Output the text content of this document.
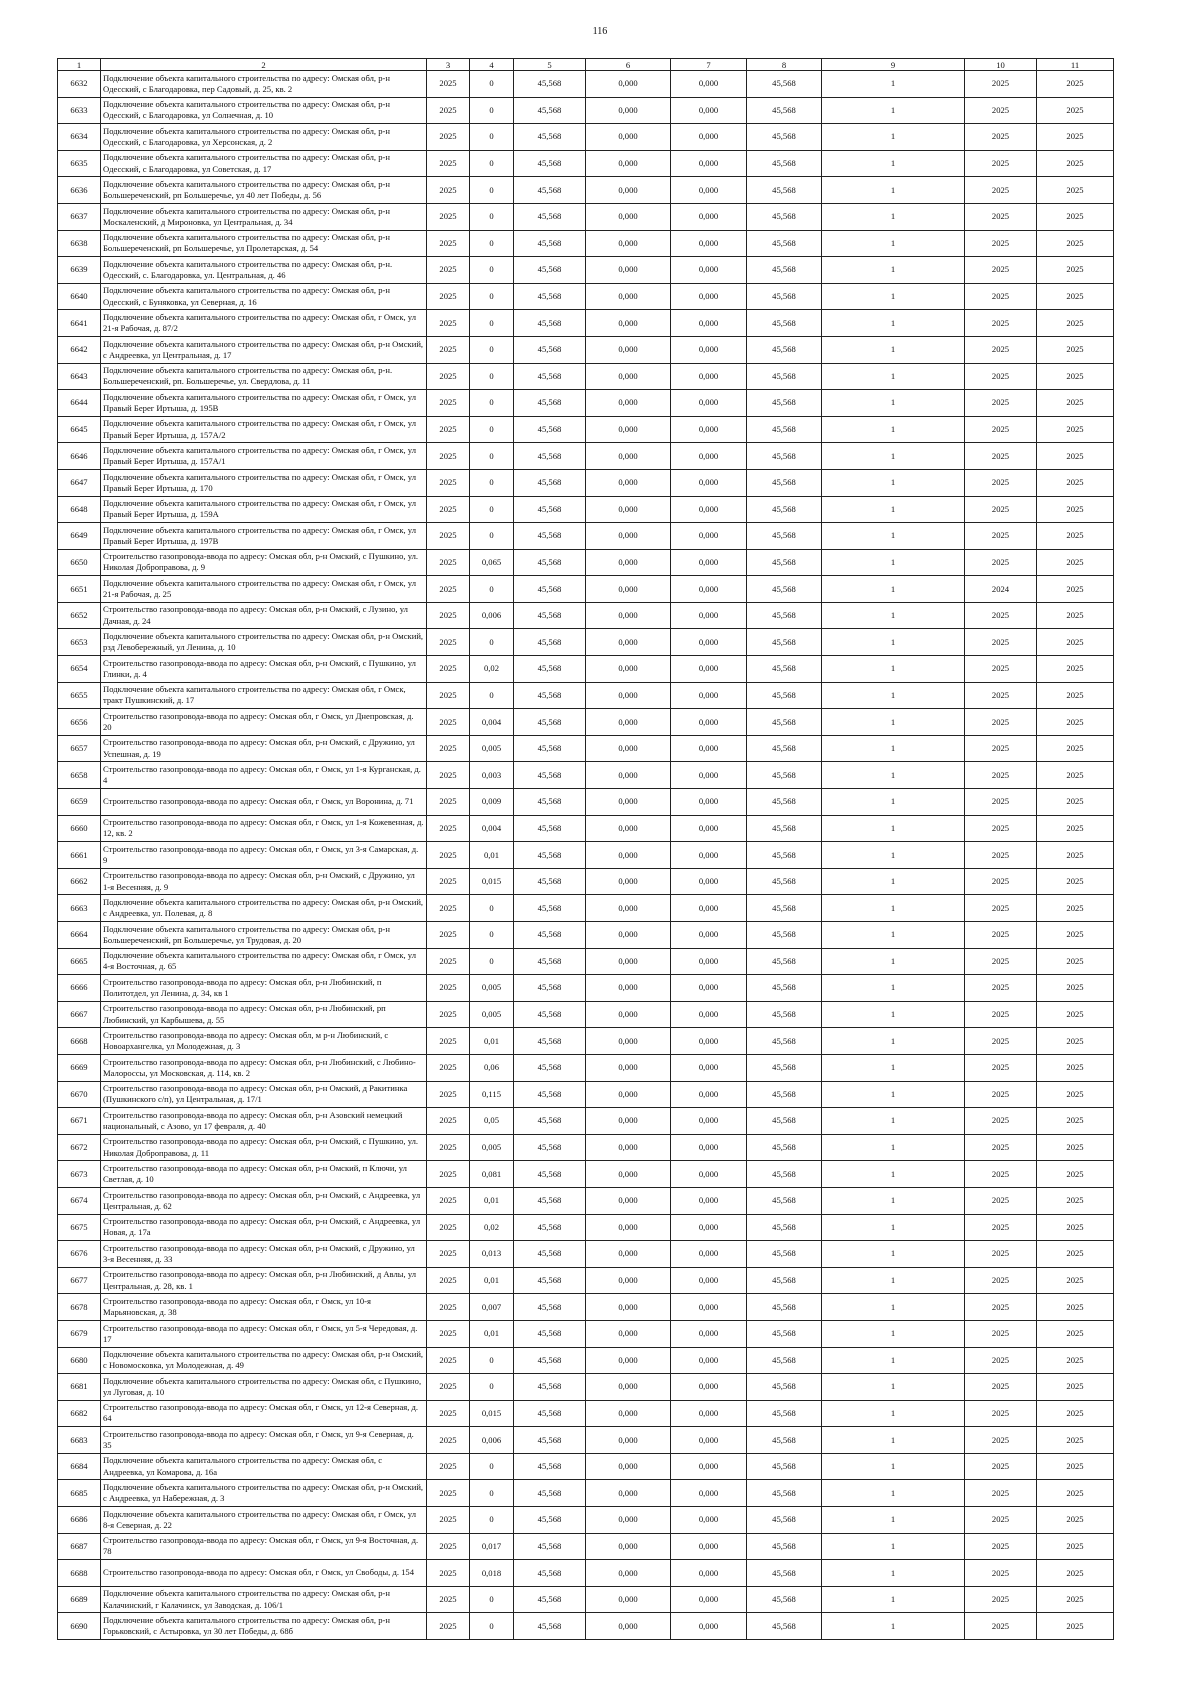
116
1	2	3	4	5	6	7	8	9	10	11
6632	Подключение объекта капитального строительства по адресу: Омская обл, р-н Одесский, с Благодаровка, пер Садовый, д. 25, кв. 2	2025	0	45,568	0,000	0,000	45,568	1	2025	2025
6633	Подключение объекта капитального строительства по адресу: Омская обл, р-н Одесский, с Благодаровка, ул Солнечная, д. 10	2025	0	45,568	0,000	0,000	45,568	1	2025	2025
6634	Подключение объекта капитального строительства по адресу: Омская обл, р-н Одесский, с Благодаровка, ул Херсонская, д. 2	2025	0	45,568	0,000	0,000	45,568	1	2025	2025
6635	Подключение объекта капитального строительства по адресу: Омская обл, р-н Одесский, с Благодаровка, ул Советская, д. 17	2025	0	45,568	0,000	0,000	45,568	1	2025	2025
6636	Подключение объекта капитального строительства по адресу: Омская обл, р-н Большереченский, рп Большеречье, ул 40 лет Победы, д. 56	2025	0	45,568	0,000	0,000	45,568	1	2025	2025
6637	Подключение объекта капитального строительства по адресу: Омская обл, р-н Москаленский, д Мироновка, ул Центральная, д. 34	2025	0	45,568	0,000	0,000	45,568	1	2025	2025
6638	Подключение объекта капитального строительства по адресу: Омская обл, р-н Большереченский, рп Большеречье, ул Пролетарская, д. 54	2025	0	45,568	0,000	0,000	45,568	1	2025	2025
6639	Подключение объекта капитального строительства по адресу: Омская обл, р-н. Одесский, с. Благодаровка, ул. Центральная, д. 46	2025	0	45,568	0,000	0,000	45,568	1	2025	2025
6640	Подключение объекта капитального строительства по адресу: Омская обл, р-н Одесский, с Буняковка, ул Северная, д. 16	2025	0	45,568	0,000	0,000	45,568	1	2025	2025
6641	Подключение объекта капитального строительства по адресу: Омская обл, г Омск, ул 21-я Рабочая, д. 87/2	2025	0	45,568	0,000	0,000	45,568	1	2025	2025
6642	Подключение объекта капитального строительства по адресу: Омская обл, р-н Омский, с Андреевка, ул Центральная, д. 17	2025	0	45,568	0,000	0,000	45,568	1	2025	2025
6643	Подключение объекта капитального строительства по адресу: Омская обл, р-н. Большереченский, рп. Большеречье, ул. Свердлова, д. 11	2025	0	45,568	0,000	0,000	45,568	1	2025	2025
6644	Подключение объекта капитального строительства по адресу: Омская обл, г Омск, ул Правый Берег Иртыша, д. 195В	2025	0	45,568	0,000	0,000	45,568	1	2025	2025
6645	Подключение объекта капитального строительства по адресу: Омская обл, г Омск, ул Правый Берег Иртыша, д. 157А/2	2025	0	45,568	0,000	0,000	45,568	1	2025	2025
6646	Подключение объекта капитального строительства по адресу: Омская обл, г Омск, ул Правый Берег Иртыша, д. 157А/1	2025	0	45,568	0,000	0,000	45,568	1	2025	2025
6647	Подключение объекта капитального строительства по адресу: Омская обл, г Омск, ул Правый Берег Иртыша, д. 170	2025	0	45,568	0,000	0,000	45,568	1	2025	2025
6648	Подключение объекта капитального строительства по адресу: Омская обл, г Омск, ул Правый Берег Иртыша, д. 159А	2025	0	45,568	0,000	0,000	45,568	1	2025	2025
6649	Подключение объекта капитального строительства по адресу: Омская обл, г Омск, ул Правый Берег Иртыша, д. 197В	2025	0	45,568	0,000	0,000	45,568	1	2025	2025
6650	Строительство газопровода-ввода по адресу: Омская обл, р-н Омский, с Пушкино, ул. Николая Доброправова, д. 9	2025	0,065	45,568	0,000	0,000	45,568	1	2025	2025
6651	Подключение объекта капитального строительства по адресу: Омская обл, г Омск, ул 21-я Рабочая, д. 25	2025	0	45,568	0,000	0,000	45,568	1	2024	2025
6652	Строительство газопровода-ввода по адресу: Омская обл, р-н Омский, с Лузино, ул Дачная, д. 24	2025	0,006	45,568	0,000	0,000	45,568	1	2025	2025
6653	Подключение объекта капитального строительства по адресу: Омская обл, р-н Омский, рзд Левобережный, ул Ленина, д. 10	2025	0	45,568	0,000	0,000	45,568	1	2025	2025
6654	Строительство газопровода-ввода по адресу: Омская обл, р-н Омский, с Пушкино, ул Глинки, д. 4	2025	0,02	45,568	0,000	0,000	45,568	1	2025	2025
6655	Подключение объекта капитального строительства по адресу: Омская обл, г Омск, тракт Пушкинский, д. 17	2025	0	45,568	0,000	0,000	45,568	1	2025	2025
6656	Строительство газопровода-ввода по адресу: Омская обл, г Омск, ул Днепровская, д. 20	2025	0,004	45,568	0,000	0,000	45,568	1	2025	2025
6657	Строительство газопровода-ввода по адресу: Омская обл, р-н Омский, с Дружино, ул Успешная, д. 19	2025	0,005	45,568	0,000	0,000	45,568	1	2025	2025
6658	Строительство газопровода-ввода по адресу: Омская обл, г Омск, ул 1-я Курганская, д. 4	2025	0,003	45,568	0,000	0,000	45,568	1	2025	2025
6659	Строительство газопровода-ввода по адресу: Омская обл, г Омск, ул Воронина, д. 71	2025	0,009	45,568	0,000	0,000	45,568	1	2025	2025
6660	Строительство газопровода-ввода по адресу: Омская обл, г Омск, ул 1-я Кожевенная, д. 12, кв. 2	2025	0,004	45,568	0,000	0,000	45,568	1	2025	2025
6661	Строительство газопровода-ввода по адресу: Омская обл, г Омск, ул 3-я Самарская, д. 9	2025	0,01	45,568	0,000	0,000	45,568	1	2025	2025
6662	Строительство газопровода-ввода по адресу: Омская обл, р-н Омский, с Дружино, ул 1-я Весенняя, д. 9	2025	0,015	45,568	0,000	0,000	45,568	1	2025	2025
6663	Подключение объекта капитального строительства по адресу: Омская обл, р-н Омский, с Андреевка, ул. Полевая, д. 8	2025	0	45,568	0,000	0,000	45,568	1	2025	2025
6664	Подключение объекта капитального строительства по адресу: Омская обл, р-н Большереченский, рп Большеречье, ул Трудовая, д. 20	2025	0	45,568	0,000	0,000	45,568	1	2025	2025
6665	Подключение объекта капитального строительства по адресу: Омская обл, г Омск, ул 4-я Восточная, д. 65	2025	0	45,568	0,000	0,000	45,568	1	2025	2025
6666	Строительство газопровода-ввода по адресу: Омская обл, р-н Любинский, п Политотдел, ул Ленина, д. 34, кв 1	2025	0,005	45,568	0,000	0,000	45,568	1	2025	2025
6667	Строительство газопровода-ввода по адресу: Омская обл, р-н Любинский, рп Любинский, ул Карбышева, д. 55	2025	0,005	45,568	0,000	0,000	45,568	1	2025	2025
6668	Строительство газопровода-ввода по адресу: Омская обл, м р-н Любинский, с Новоархангелка, ул Молодежная, д. 3	2025	0,01	45,568	0,000	0,000	45,568	1	2025	2025
6669	Строительство газопровода-ввода по адресу: Омская обл, р-н Любинский, с Любино-Малороссы, ул Московская, д. 114, кв. 2	2025	0,06	45,568	0,000	0,000	45,568	1	2025	2025
6670	Строительство газопровода-ввода по адресу: Омская обл, р-н Омский, д Ракитинка (Пушкинского с/п), ул Центральная, д. 17/1	2025	0,115	45,568	0,000	0,000	45,568	1	2025	2025
6671	Строительство газопровода-ввода по адресу: Омская обл, р-н Азовский немецкий национальный, с Азово, ул 17 февраля, д. 40	2025	0,05	45,568	0,000	0,000	45,568	1	2025	2025
6672	Строительство газопровода-ввода по адресу: Омская обл, р-н Омский, с Пушкино, ул. Николая Доброправова, д. 11	2025	0,005	45,568	0,000	0,000	45,568	1	2025	2025
6673	Строительство газопровода-ввода по адресу: Омская обл, р-н Омский, п Ключи, ул Светлая, д. 10	2025	0,081	45,568	0,000	0,000	45,568	1	2025	2025
6674	Строительство газопровода-ввода по адресу: Омская обл, р-н Омский, с Андреевка, ул Центральная, д. 62	2025	0,01	45,568	0,000	0,000	45,568	1	2025	2025
6675	Строительство газопровода-ввода по адресу: Омская обл, р-н Омский, с Андреевка, ул Новая, д. 17а	2025	0,02	45,568	0,000	0,000	45,568	1	2025	2025
6676	Строительство газопровода-ввода по адресу: Омская обл, р-н Омский, с Дружино, ул 3-я Весенняя, д. 33	2025	0,013	45,568	0,000	0,000	45,568	1	2025	2025
6677	Строительство газопровода-ввода по адресу: Омская обл, р-н Любинский, д Авлы, ул Центральная, д. 28, кв. 1	2025	0,01	45,568	0,000	0,000	45,568	1	2025	2025
6678	Строительство газопровода-ввода по адресу: Омская обл, г Омск, ул 10-я Марьяновская, д. 38	2025	0,007	45,568	0,000	0,000	45,568	1	2025	2025
6679	Строительство газопровода-ввода по адресу: Омская обл, г Омск, ул 5-я Чередовая, д. 17	2025	0,01	45,568	0,000	0,000	45,568	1	2025	2025
6680	Подключение объекта капитального строительства по адресу: Омская обл, р-н Омский, с Новомосковка, ул Молодежная, д. 49	2025	0	45,568	0,000	0,000	45,568	1	2025	2025
6681	Подключение объекта капитального строительства по адресу: Омская обл, с Пушкино, ул Луговая, д. 10	2025	0	45,568	0,000	0,000	45,568	1	2025	2025
6682	Строительство газопровода-ввода по адресу: Омская обл, г Омск, ул 12-я Северная, д. 64	2025	0,015	45,568	0,000	0,000	45,568	1	2025	2025
6683	Строительство газопровода-ввода по адресу: Омская обл, г Омск, ул 9-я Северная, д. 35	2025	0,006	45,568	0,000	0,000	45,568	1	2025	2025
6684	Подключение объекта капитального строительства по адресу: Омская обл, с Андреевка, ул Комарова, д. 16а	2025	0	45,568	0,000	0,000	45,568	1	2025	2025
6685	Подключение объекта капитального строительства по адресу: Омская обл, р-н Омский, с Андреевка, ул Набережная, д. 3	2025	0	45,568	0,000	0,000	45,568	1	2025	2025
6686	Подключение объекта капитального строительства по адресу: Омская обл, г Омск, ул 8-я Северная, д. 22	2025	0	45,568	0,000	0,000	45,568	1	2025	2025
6687	Строительство газопровода-ввода по адресу: Омская обл, г Омск, ул 9-я Восточная, д. 78	2025	0,017	45,568	0,000	0,000	45,568	1	2025	2025
6688	Строительство газопровода-ввода по адресу: Омская обл, г Омск, ул Свободы, д. 154	2025	0,018	45,568	0,000	0,000	45,568	1	2025	2025
6689	Подключение объекта капитального строительства по адресу: Омская обл, р-н Калачинский, г Калачинск, ул Заводская, д. 106/1	2025	0	45,568	0,000	0,000	45,568	1	2025	2025
6690	Подключение объекта капитального строительства по адресу: Омская обл, р-н Горьковский, с Астыровка, ул 30 лет Победы, д. 68б	2025	0	45,568	0,000	0,000	45,568	1	2025	2025
